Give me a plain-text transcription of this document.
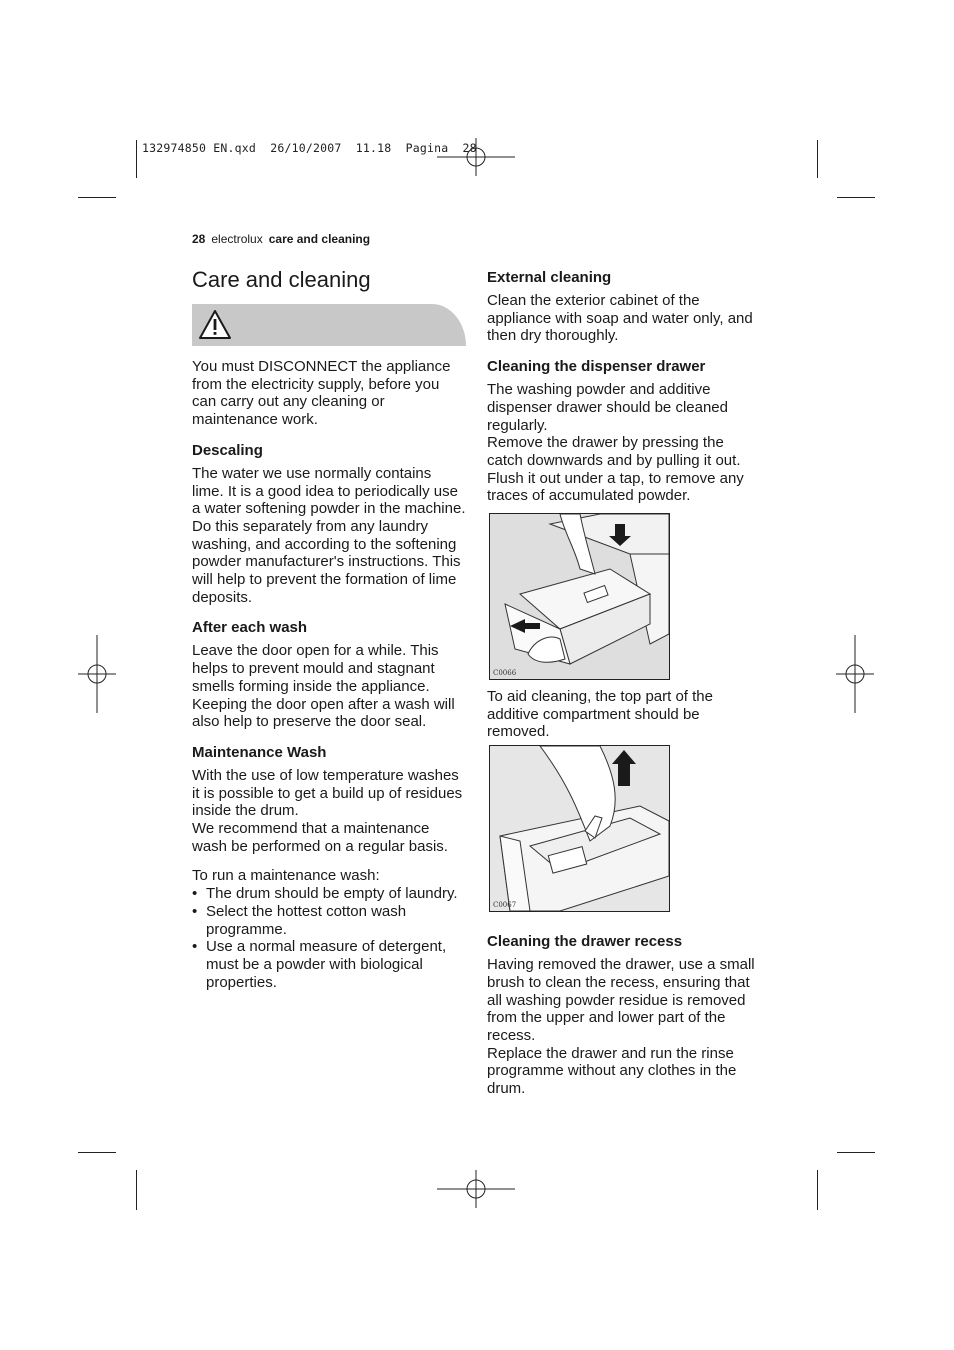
132974850 EN.qxd  26/10/2007  11.18  Pagina  28
28 electrolux care and cleaning
Care and cleaning

You must DISCONNECT the appliance from the electricity supply, before you can carry out any cleaning or maintenance work.

Descaling

The water we use normally contains lime. It is a good idea to periodically use a water softening powder in the machine. Do this separately from any laundry washing, and according to the softening powder manufacturer's instructions. This will help to prevent the formation of lime deposits.

After each wash

Leave the door open for a while. This helps to prevent mould and stagnant smells forming inside the appliance. Keeping the door open after a wash will also help to preserve the door seal.

Maintenance Wash

With the use of low temperature washes it is possible to get a build up of residues inside the drum.

We recommend that a maintenance wash be performed on a regular basis.

To run a maintenance wash:

• The drum should be empty of laundry.
• Select the hottest cotton wash programme.
• Use a normal measure of detergent, must be a powder with biological properties.
External cleaning

Clean the exterior cabinet of the appliance with soap and water only, and then dry thoroughly.

Cleaning the dispenser drawer

The washing powder and additive dispenser drawer should be cleaned regularly.

Remove the drawer by pressing the catch downwards and by pulling it out. Flush it out under a tap, to remove any traces of accumulated powder.

C0066

To aid cleaning, the top part of the additive compartment should be removed.

C0067
Cleaning the drawer recess

Having removed the drawer, use a small brush to clean the recess, ensuring that all washing powder residue is removed from the upper and lower part of the recess.

Replace the drawer and run the rinse programme without any clothes in the drum.
